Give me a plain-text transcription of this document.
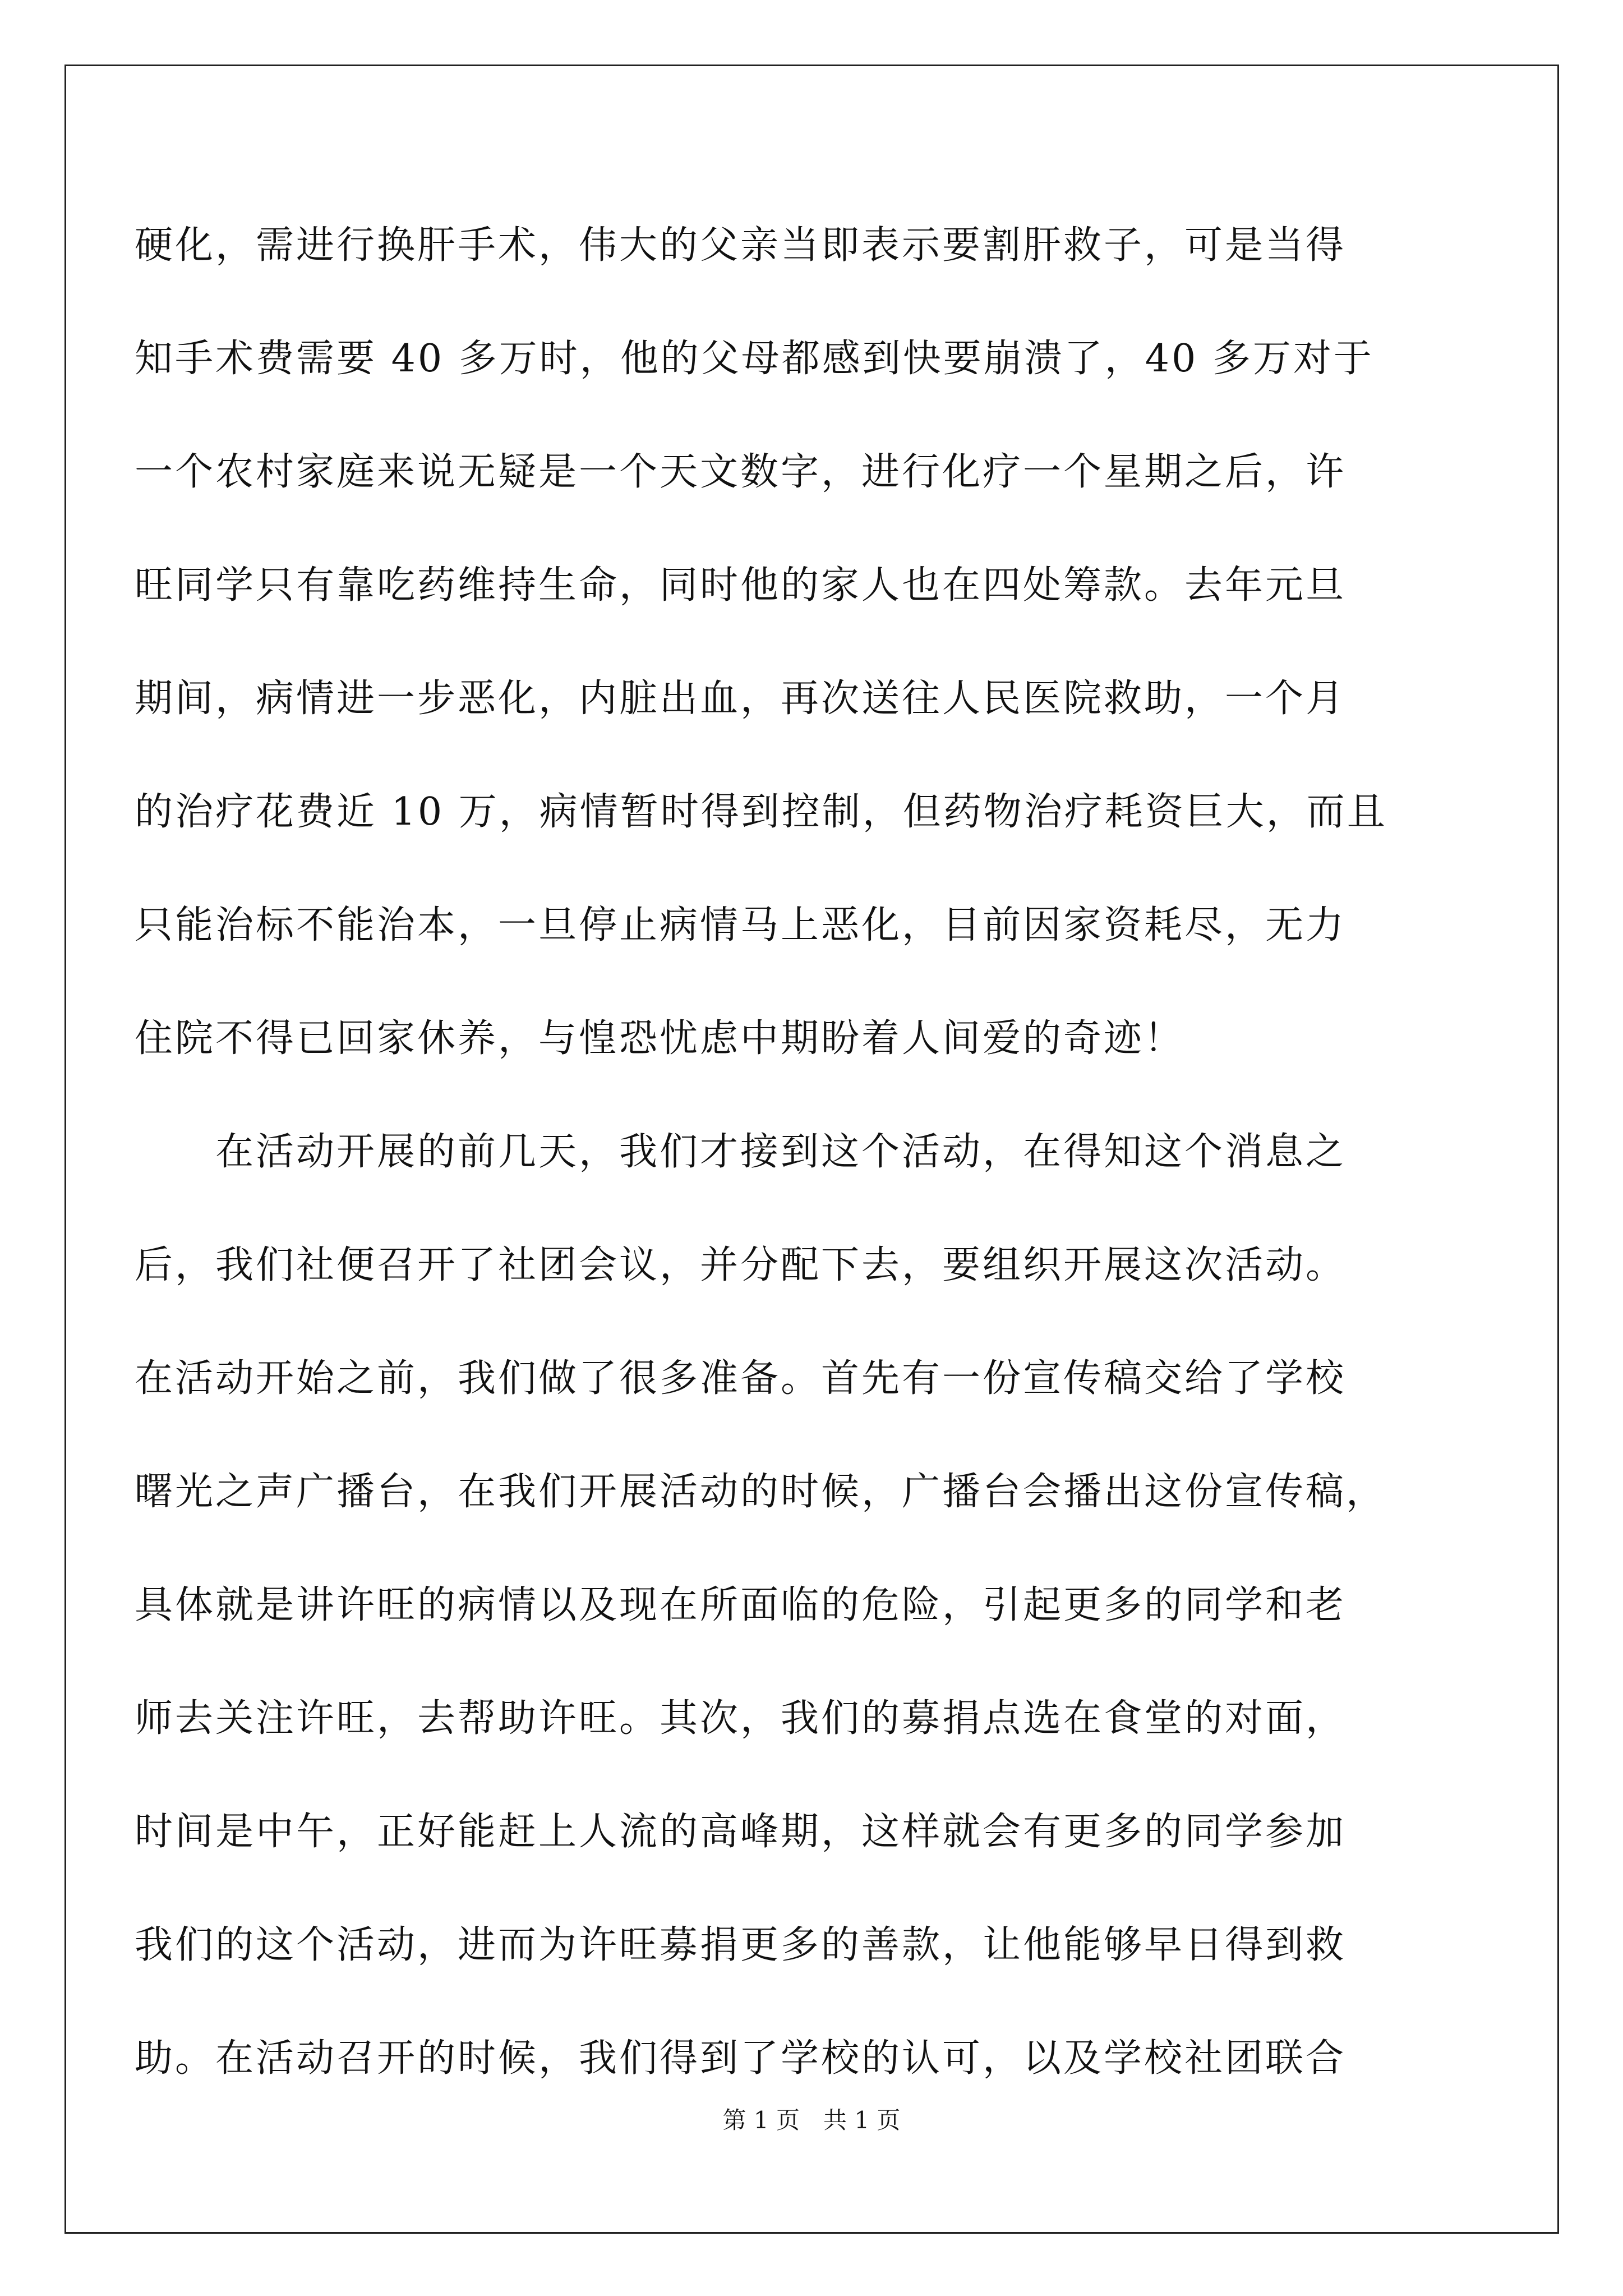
硬化，需进行换肝手术，伟大的父亲当即表示要割肝救子，可是当得
知手术费需要 40 多万时，他的父母都感到快要崩溃了，40 多万对于
一个农村家庭来说无疑是一个天文数字，进行化疗一个星期之后，许
旺同学只有靠吃药维持生命，同时他的家人也在四处筹款。去年元旦
期间，病情进一步恶化，内脏出血，再次送往人民医院救助，一个月
的治疗花费近 10 万，病情暂时得到控制，但药物治疗耗资巨大，而且
只能治标不能治本，一旦停止病情马上恶化，目前因家资耗尽，无力
住院不得已回家休养，与惶恐忧虑中期盼着人间爱的奇迹！
　　在活动开展的前几天，我们才接到这个活动，在得知这个消息之
后，我们社便召开了社团会议，并分配下去，要组织开展这次活动。
在活动开始之前，我们做了很多准备。首先有一份宣传稿交给了学校
曙光之声广播台，在我们开展活动的时候，广播台会播出这份宣传稿，
具体就是讲许旺的病情以及现在所面临的危险，引起更多的同学和老
师去关注许旺，去帮助许旺。其次，我们的募捐点选在食堂的对面，
时间是中午，正好能赶上人流的高峰期，这样就会有更多的同学参加
我们的这个活动，进而为许旺募捐更多的善款，让他能够早日得到救
助。在活动召开的时候，我们得到了学校的认可，以及学校社团联合
第 1 页　共 1 页
